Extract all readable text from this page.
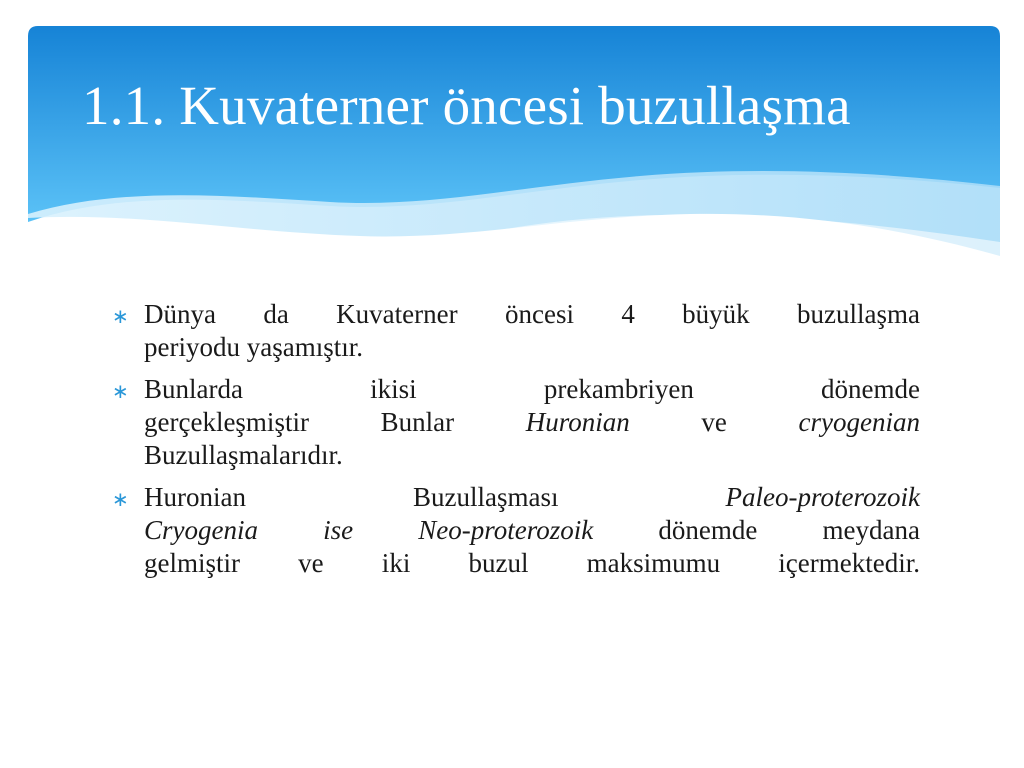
1.1. Kuvaterner öncesi buzullaşma
∗ Dünya da Kuvaterner öncesi 4 büyük buzullaşma
periyodu yaşamıştır.
∗ Bunlarda ikisi prekambriyen dönemde
gerçekleşmiştir Bunlar Huronian ve cryogenian
Buzullaşmalarıdır.
∗ Huronian Buzullaşması Paleo-proterozoik
Cryogenia ise Neo-proterozoik dönemde meydana
gelmiştir ve iki buzul maksimumu içermektedir.
